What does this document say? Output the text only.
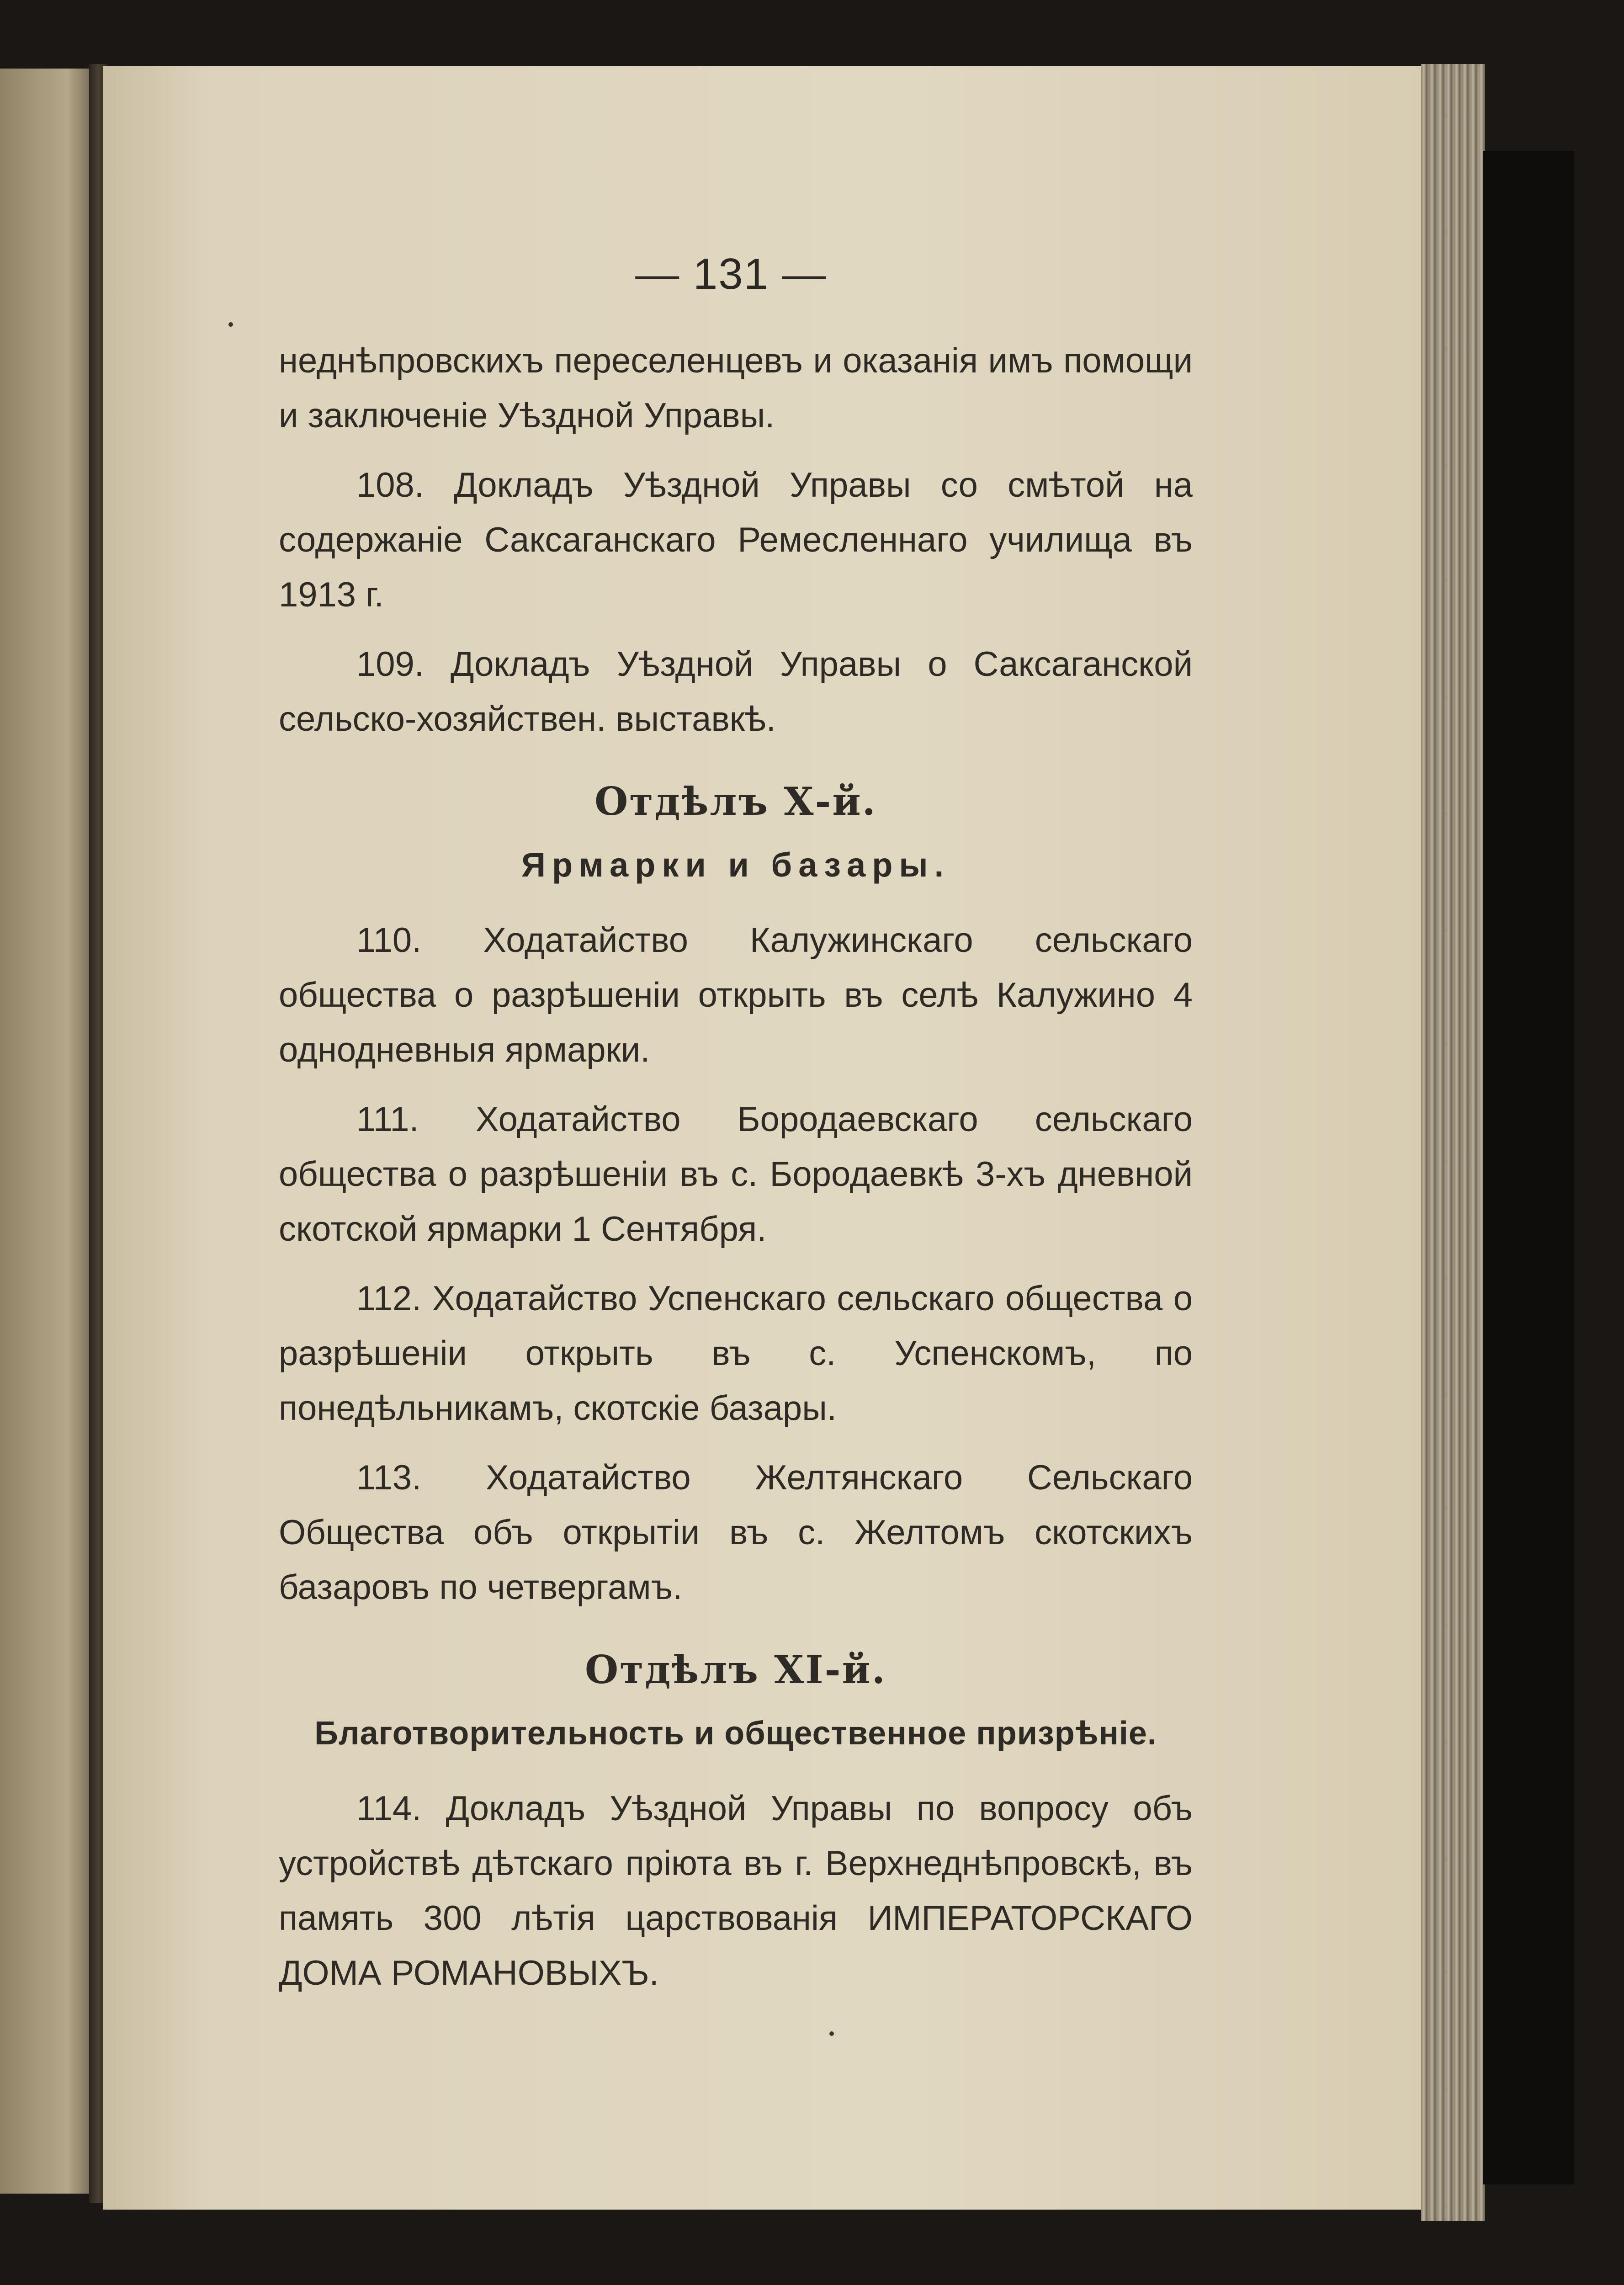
— 131 —

неднѣпровскихъ переселенцевъ и оказанія имъ помощи и заключеніе Уѣздной Управы.

108. Докладъ Уѣздной Управы со смѣтой на содержаніе Саксаганскаго Ремесленнаго училища въ 1913 г.

109. Докладъ Уѣздной Управы о Саксаганской сельско-хозяйствен. выставкѣ.

Отдѣлъ Х-й.
Ярмарки и базары.

110. Ходатайство Калужинскаго сельскаго общества о разрѣшеніи открыть въ селѣ Калужино 4 однодневныя ярмарки.

111. Ходатайство Бородаевскаго сельскаго общества о разрѣшеніи въ с. Бородаевкѣ 3-хъ дневной скотской ярмарки 1 Сентября.

112. Ходатайство Успенскаго сельскаго общества о разрѣшеніи открыть въ с. Успенскомъ, по понедѣльникамъ, скотскіе базары.

113. Ходатайство Желтянскаго Сельскаго Общества объ открытіи въ с. Желтомъ скотскихъ базаровъ по четвергамъ.

Отдѣлъ ХІ-й.
Благотворительность и общественное призрѣніе.

114. Докладъ Уѣздной Управы по вопросу объ устройствѣ дѣтскаго пріюта въ г. Верхнеднѣпровскѣ, въ память 300 лѣтія царствованія ИМПЕРАТОРСКАГО ДОМА РОМАНОВЫХЪ.
